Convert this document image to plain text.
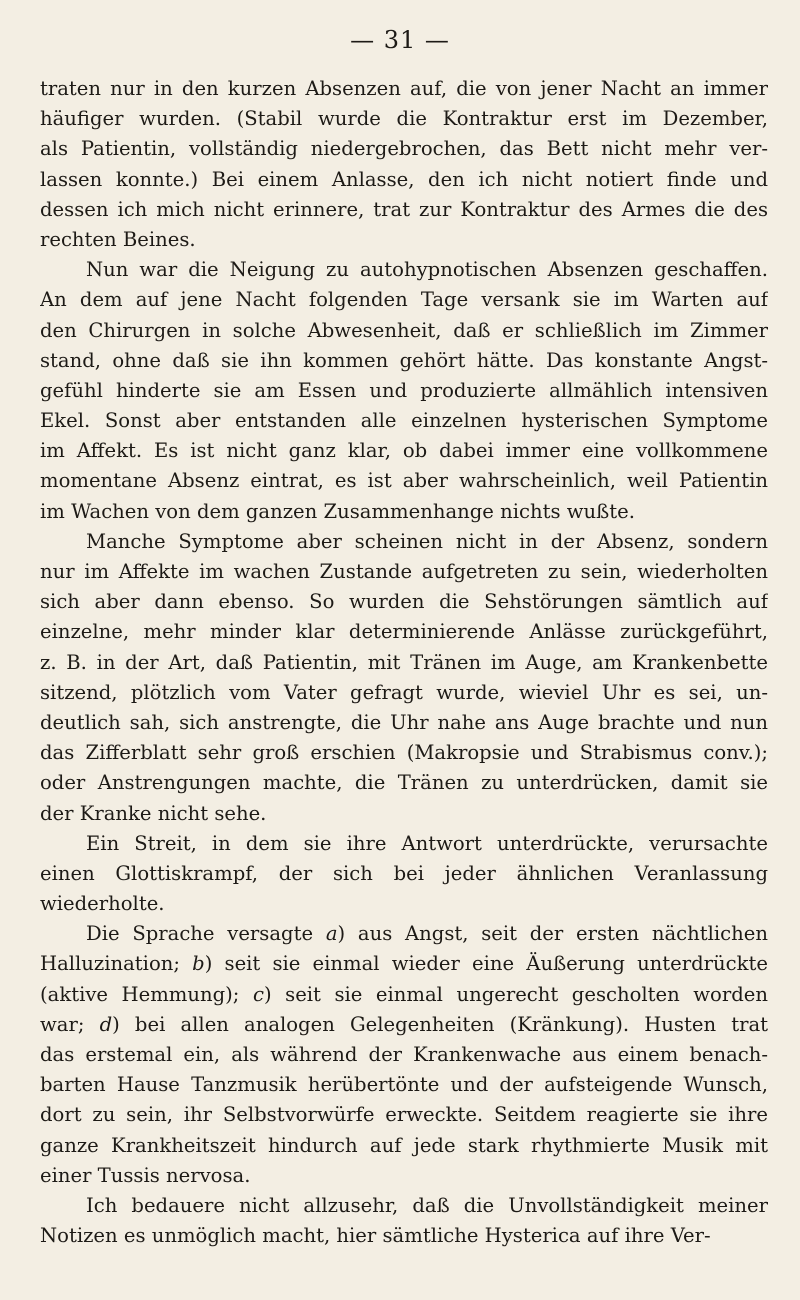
— 31 —
traten nur in den kurzen Absenzen auf, die von jener Nacht an immer
häufiger wurden. (Stabil wurde die Kontraktur erst im Dezember,
als Patientin, vollständig niedergebrochen, das Bett nicht mehr ver-
lassen konnte.) Bei einem Anlasse, den ich nicht notiert finde und
dessen ich mich nicht erinnere, trat zur Kontraktur des Armes die des
rechten Beines.
Nun war die Neigung zu autohypnotischen Absenzen geschaffen.
An dem auf jene Nacht folgenden Tage versank sie im Warten auf
den Chirurgen in solche Abwesenheit, daß er schließlich im Zimmer
stand, ohne daß sie ihn kommen gehört hätte. Das konstante Angst-
gefühl hinderte sie am Essen und produzierte allmählich intensiven
Ekel. Sonst aber entstanden alle einzelnen hysterischen Symptome
im Affekt. Es ist nicht ganz klar, ob dabei immer eine vollkommene
momentane Absenz eintrat, es ist aber wahrscheinlich, weil Patientin
im Wachen von dem ganzen Zusammenhange nichts wußte.
Manche Symptome aber scheinen nicht in der Absenz, sondern
nur im Affekte im wachen Zustande aufgetreten zu sein, wiederholten
sich aber dann ebenso. So wurden die Sehstörungen sämtlich auf
einzelne, mehr minder klar determinierende Anlässe zurückgeführt,
z. B. in der Art, daß Patientin, mit Tränen im Auge, am Krankenbette
sitzend, plötzlich vom Vater gefragt wurde, wieviel Uhr es sei, un-
deutlich sah, sich anstrengte, die Uhr nahe ans Auge brachte und nun
das Zifferblatt sehr groß erschien (Makropsie und Strabismus conv.);
oder Anstrengungen machte, die Tränen zu unterdrücken, damit sie
der Kranke nicht sehe.
Ein Streit, in dem sie ihre Antwort unterdrückte, verursachte
einen Glottiskrampf, der sich bei jeder ähnlichen Veranlassung
wiederholte.
Die Sprache versagte a) aus Angst, seit der ersten nächtlichen
Halluzination; b) seit sie einmal wieder eine Äußerung unterdrückte
(aktive Hemmung); c) seit sie einmal ungerecht gescholten worden
war; d) bei allen analogen Gelegenheiten (Kränkung). Husten trat
das erstemal ein, als während der Krankenwache aus einem benach-
barten Hause Tanzmusik herübertönte und der aufsteigende Wunsch,
dort zu sein, ihr Selbstvorwürfe erweckte. Seitdem reagierte sie ihre
ganze Krankheitszeit hindurch auf jede stark rhythmierte Musik mit
einer Tussis nervosa.
Ich bedauere nicht allzusehr, daß die Unvollständigkeit meiner
Notizen es unmöglich macht, hier sämtliche Hysterica auf ihre Ver-
